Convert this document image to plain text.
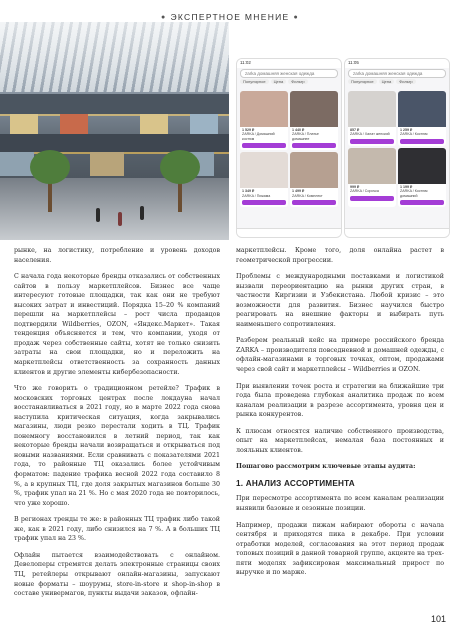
● ЭКСПЕРТНОЕ МНЕНИЕ ●
11:02
zarka домашняя женская одежда
Популярное Цена Фильтр
1 529 ₽
ZARKA / Домашний костюм
1 440 ₽
ZARKA / Платье домашнее
1 349 ₽
ZARKA / Пижама
1 499 ₽
ZARKA / Комплект
11:05
zarka домашняя женская одежда
Популярное Цена Фильтр
857 ₽
ZARKA / Халат женский
1 259 ₽
ZARKA / Костюм
999 ₽
ZARKA / Сорочка
1 199 ₽
ZARKA / Костюм домашний

рынке, на логистику, потребление и уровень доходов населения.

С начала года некоторые бренды отказались от собственных сайтов в пользу маркетплейсов. Бизнес все чаще интересуют готовые площадки, так как они не требуют высоких затрат и инвестиций. Порядка 15–20 % компаний перешли на маркетплейсы – рост числа продавцов подтвердили Wildberries, OZON, «Яндекс.Маркет». Такая тенденция объясняется и тем, что компании, уходя от продаж через собственные сайты, хотят не только снизить затраты на свои площадки, но и переложить на маркетплейсы ответственность за сохранность данных клиентов и другие элементы кибербезопасности.

Что же говорить о традиционном ретейле? Трафик в московских торговых центрах после локдауна начал восстанавливаться в 2021 году, но в марте 2022 года снова наступила критическая ситуация, когда закрывались магазины, люди резко перестали ходить в ТЦ. Трафик понемногу восстановился в летний период, так как некоторые бренды начали возвращаться и открываться под новыми названиями. Если сравнивать с показателями 2021 года, то районные ТЦ оказались более устойчивым форматом: падение трафика весной 2022 года составило 8 %, а в крупных ТЦ, где доля закрытых магазинов больше 30 %, трафик упал на 21 %. Но с мая 2020 года не повторилось, что уже хорошо.

В регионах тренды те же: в районных ТЦ трафик либо такой же, как в 2021 году, либо снизился на 7 %. А в больших ТЦ трафик упал на 23 %.

Офлайн пытается взаимодействовать с онлайном. Девелоперы стремятся делать электронные страницы своих ТЦ, ретейлеры открывают онлайн-магазины, запускают новые форматы – шоурумы, store-in-store и shop-in-shop в составе универмагов, пункты выдачи заказов, офлайн-

маркетплейсы. Кроме того, доля онлайна растет в геометрической прогрессии.

Проблемы с международными поставками и логистикой вызвали переориентацию на рынки других стран, в частности Киргизии и Узбекистана. Любой кризис – это возможности для развития. Бизнес научился быстро реагировать на внешние факторы и выбирать путь наименьшего сопротивления.

Разберем реальный кейс на примере российского бренда ZARKA – производителя повседневной и домашней одежды, с офлайн-магазинами в торговых точках, оптом, продажами через свой сайт и маркетплейсы – Wildberries и OZON.

При выявлении точек роста и стратегии на ближайшие три года была проведена глубокая аналитика продаж по всем каналам реализации в разрезе ассортимента, уровня цен и рынка конкурентов.

К плюсам относятся наличие собственного производства, опыт на маркетплейсах, немалая база постоянных и лояльных клиентов.

Пошагово рассмотрим ключевые этапы аудита:

1. АНАЛИЗ АССОРТИМЕНТА

При пересмотре ассортимента по всем каналам реализации выявили базовые и сезонные позиции.

Например, продажи пижам набирают обороты с начала сентября и приходятся пика в декабре. При условии отработки моделей, согласования на этот период продаж топовых позиций в данной товарной группе, акценте на трех-пяти моделях зафиксирован максимальный прирост по выручке и по марже.

101
